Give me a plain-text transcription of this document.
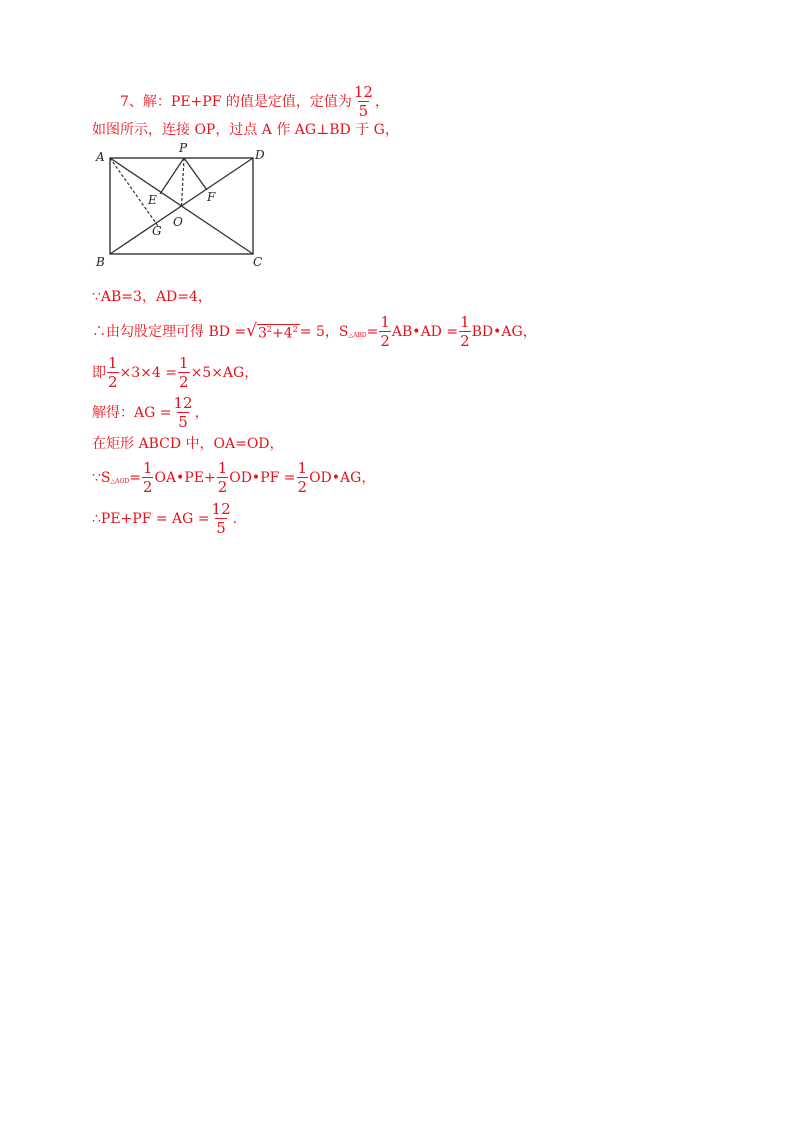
7、解：PE+PF 的值是定值，定值为 $\frac{12}{5}$ ，
如图所示，连接 OP，过点 A 作 AG⊥BD 于 G，
A
P	D
E	F
O
G
B	C
∵AB=3，AD=4，
∴由勾股定理可得 BD = √ $3^2+4^2 = 5$，S △ABD = $\frac{1}{2}$ AB•AD = $\frac{1}{2}$ BD•AG，
即 $\frac{1}{2} \times 3\times 4 = \frac{1}{2} \times 5\times AG$，
解得：AG = $\frac{12}{5}$ ，
在矩形 ABCD 中，OA=OD，
∵S △AOD = $\frac{1}{2}$ OA•PE+ $\frac{1}{2}$ OD•PF = $\frac{1}{2}$ OD•AG，
∴PE+PF = AG = $\frac{12}{5}$ .
